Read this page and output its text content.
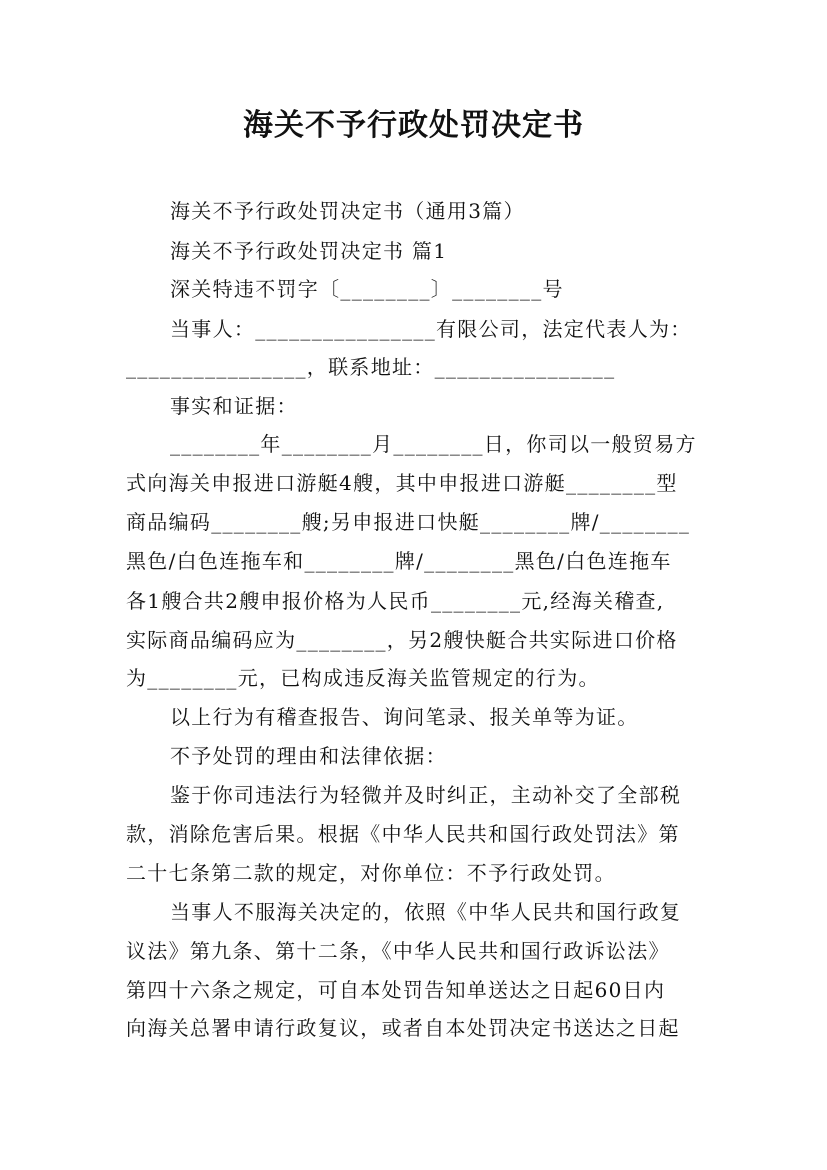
海关不予行政处罚决定书
海关不予行政处罚决定书（通用3篇）
海关不予行政处罚决定书 篇1
深关特违不罚字〔________〕________号
当事人：________________有限公司，法定代表人为：
________________，联系地址：________________
事实和证据：
________年________月________日，你司以一般贸易方
式向海关申报进口游艇4艘，其中申报进口游艇________型
商品编码________艘;另申报进口快艇________牌/________
黑色/白色连拖车和________牌/________黑色/白色连拖车
各1艘合共2艘申报价格为人民币________元,经海关稽查,
实际商品编码应为________，另2艘快艇合共实际进口价格
为________元，已构成违反海关监管规定的行为。
以上行为有稽查报告、询问笔录、报关单等为证。
不予处罚的理由和法律依据：
鉴于你司违法行为轻微并及时纠正，主动补交了全部税
款，消除危害后果。根据《中华人民共和国行政处罚法》第
二十七条第二款的规定，对你单位：不予行政处罚。
当事人不服海关决定的，依照《中华人民共和国行政复
议法》第九条、第十二条，《中华人民共和国行政诉讼法》
第四十六条之规定，可自本处罚告知单送达之日起60日内
向海关总署申请行政复议，或者自本处罚决定书送达之日起
